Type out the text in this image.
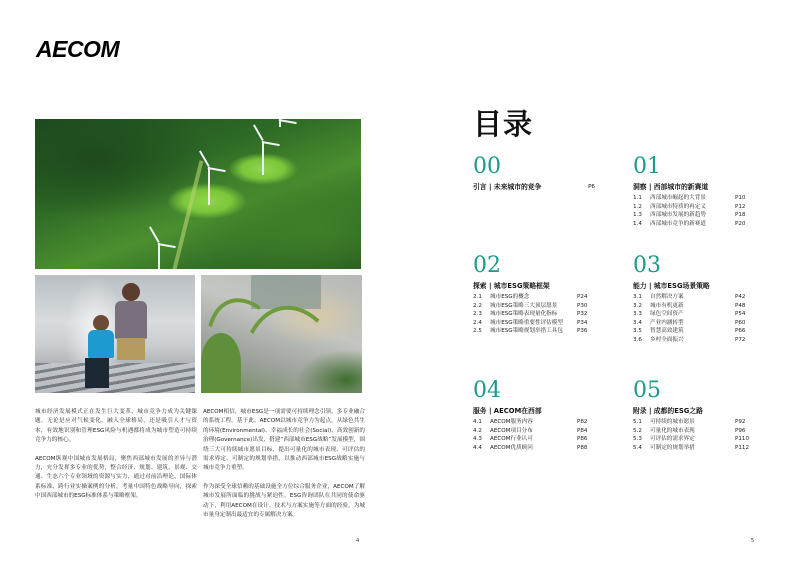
AECOM

城市经济发展模式正在发生巨大变革，城市竞争力成为关键课题。无论是应对气候变化、融入全球格局，还是吸引人才与资本，有效地识别和管理ESG风险与机遇都将成为城市塑造可持续竞争力的核心。

AECOM纵观中国城市发展格局，聚焦西部城市发展的差异与潜力，充分发挥多专业的优势，整合经济、规划、建筑、景观、交通、生态六个专业领域的资源与实力，通过对前沿理论、国际体系标准、跨行业实操案例的分析，考量中国特色战略导向，探索中国西部城市的ESG标准体系与策略框架。

AECOM相信，城市ESG是一项需要可持续理念引领、多专业融合的系统工程。基于此，AECOM以城市竞争力为起点，从绿色共生的环境(Environmental)、幸福成长的社会(Social)、高效创新的治理(Governance)出发，搭建“西部城市ESG战略”发展模型，围绕三大可持续城市愿景目标，提出可量化的城市表现、可评估的需求界定、可制定的规划举措，以推动西部城市ESG战略实施与城市竞争力重塑。

作为深受全球信赖的基础设施全方位综合服务企业，AECOM了解城市发展所面临的挑战与紧迫性。ESG咨询团队在共同的使命驱动下，利用AECOM在设计、技术与方案实施等方面的经验，为城市量身定制出最适宜的专属解决方案。

4
目录
00
引言 | 未来城市的竞争	P6
01
洞察 | 西部城市的新赛道
1.1	西部城市崛起的大背景	P10
1.2	西部城市特质的再定义	P12
1.3	西部城市发展的新趋势	P18
1.4	西部城市竞争的新赛道	P20
02
探索 | 城市ESG策略框架
2.1	城市ESG的概念	P24
2.2	城市ESG策略三大顶层愿景	P30
2.3	城市ESG策略表现量化指标	P32
2.4	城市ESG策略重要性评估模型	P34
2.5	城市ESG策略规划举措工具包	P36
03
能力 | 城市ESG场景策略
3.1	自然解决方案	P42
3.2	城市有机更新	P48
3.3	绿色空间资产	P54
3.4	产业内涵转型	P60
3.5	智慧高效建筑	P66
3.6	乡村全面振兴	P72
04
服务 | AECOM在西部
4.1	AECOM服务内容	P82
4.2	AECOM项目分布	P84
4.3	AECOM行业认可	P86
4.4	AECOM优质顾问	P88
05
附录 | 成都的ESG之路
5.1	可持续的城市愿景	P92
5.2	可量化的城市表现	P96
5.3	可评估的需求界定	P110
5.4	可制定的规划举措	P112
5
